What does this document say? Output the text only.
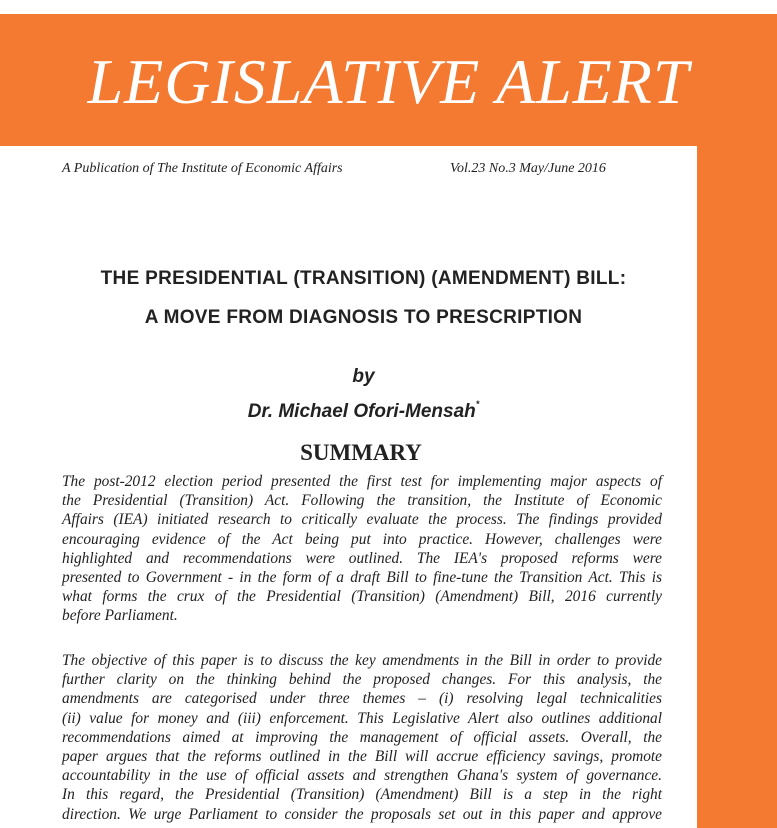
LEGISLATIVE ALERT
A Publication of The Institute of Economic Affairs	Vol.23 No.3 May/June 2016
THE PRESIDENTIAL (TRANSITION) (AMENDMENT) BILL:
A MOVE FROM DIAGNOSIS TO PRESCRIPTION
by
Dr. Michael Ofori-Mensah*
SUMMARY
The post-2012 election period presented the first test for implementing major aspects of
the Presidential (Transition) Act. Following the transition, the Institute of Economic
Affairs (IEA) initiated research to critically evaluate the process. The findings provided
encouraging evidence of the Act being put into practice. However, challenges were
highlighted and recommendations were outlined. The IEA's proposed reforms were
presented to Government - in the form of a draft Bill to fine-tune the Transition Act. This is
what forms the crux of the Presidential (Transition) (Amendment) Bill, 2016 currently
before Parliament.
The objective of this paper is to discuss the key amendments in the Bill in order to provide
further clarity on the thinking behind the proposed changes. For this analysis, the
amendments are categorised under three themes – (i) resolving legal technicalities
(ii) value for money and (iii) enforcement. This Legislative Alert also outlines additional
recommendations aimed at improving the management of official assets. Overall, the
paper argues that the reforms outlined in the Bill will accrue efficiency savings, promote
accountability in the use of official assets and strengthen Ghana's system of governance.
In this regard, the Presidential (Transition) (Amendment) Bill is a step in the right
direction. We urge Parliament to consider the proposals set out in this paper and approve
